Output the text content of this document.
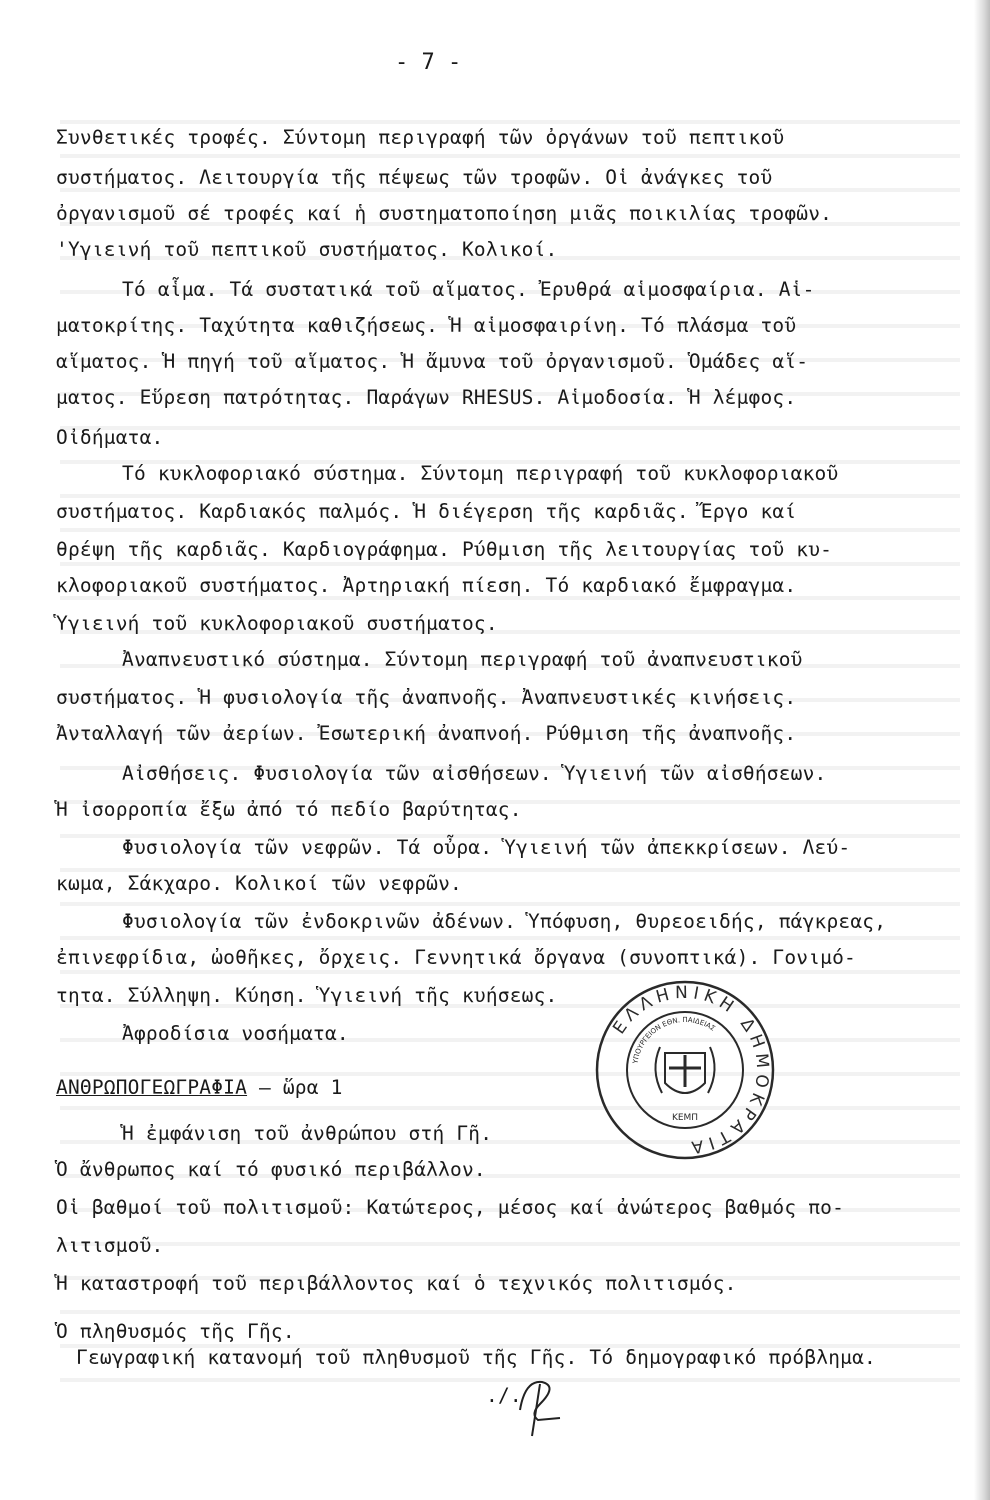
- 7 -
Συνθετικές τροφές. Σύντομη περιγραφή τῶν ὀργάνων τοῦ πεπτικοῦ
συστήματος. Λειτουργία τῆς πέψεως τῶν τροφῶν. Οἱ ἀνάγκες τοῦ
ὀργανισμοῦ σέ τροφές καί ἡ συστηματοποίηση μιᾶς ποικιλίας τροφῶν.
'Υγιεινή τοῦ πεπτικοῦ συστήματος. Κολικοί.
Τό αἷμα. Τά συστατικά τοῦ αἵματος. Ἐρυθρά αἱμοσφαίρια. Αἱ-
ματοκρίτης. Ταχύτητα καθιζήσεως. Ἡ αἱμοσφαιρίνη. Τό πλάσμα τοῦ
αἵματος. Ἡ πηγή τοῦ αἵματος. Ἡ ἄμυνα τοῦ ὀργανισμοῦ. Ὁμάδες αἵ-
ματος. Εὕρεση πατρότητας. Παράγων RHESUS. Αἱμοδοσία. Ἡ λέμφος.
Οἰδήματα.
Τό κυκλοφοριακό σύστημα. Σύντομη περιγραφή τοῦ κυκλοφοριακοῦ
συστήματος. Καρδιακός παλμός. Ἡ διέγερση τῆς καρδιᾶς. Ἔργο καί
θρέψη τῆς καρδιᾶς. Καρδιογράφημα. Ρύθμιση τῆς λειτουργίας τοῦ κυ-
κλοφοριακοῦ συστήματος. Ἀρτηριακή πίεση. Τό καρδιακό ἔμφραγμα.
Ὑγιεινή τοῦ κυκλοφοριακοῦ συστήματος.
Ἀναπνευστικό σύστημα. Σύντομη περιγραφή τοῦ ἀναπνευστικοῦ
συστήματος. Ἡ φυσιολογία τῆς ἀναπνοῆς. Ἀναπνευστικές κινήσεις.
Ἀνταλλαγή τῶν ἀερίων. Ἐσωτερική ἀναπνοή. Ρύθμιση τῆς ἀναπνοῆς.
Αἰσθήσεις. Φυσιολογία τῶν αἰσθήσεων. Ὑγιεινή τῶν αἰσθήσεων.
Ἡ ἰσορροπία ἔξω ἀπό τό πεδίο βαρύτητας.
Φυσιολογία τῶν νεφρῶν. Τά οὖρα. Ὑγιεινή τῶν ἀπεκκρίσεων. Λεύ-
κωμα, Σάκχαρο. Κολικοί τῶν νεφρῶν.
Φυσιολογία τῶν ἐνδοκρινῶν ἀδένων. Ὑπόφυση, θυρεοειδής, πάγκρεας,
ἐπινεφρίδια, ὠοθῆκες, ὄρχεις. Γεννητικά ὄργανα (συνοπτικά). Γονιμό-
τητα. Σύλληψη. Κύηση. Ὑγιεινή τῆς κυήσεως.
Ἀφροδίσια νοσήματα.
ΑΝΘΡΩΠΟΓΕΩΓΡΑΦΙΑ – ὥρα 1
Ἡ ἐμφάνιση τοῦ ἀνθρώπου στή Γῆ.
Ὁ ἄνθρωπος καί τό φυσικό περιβάλλον.
Οἱ βαθμοί τοῦ πολιτισμοῦ: Κατώτερος, μέσος καί ἀνώτερος βαθμός πο-
λιτισμοῦ.
Ἡ καταστροφή τοῦ περιβάλλοντος καί ὁ τεχνικός πολιτισμός.
Ὁ πληθυσμός τῆς Γῆς.
Γεωγραφική κατανομή τοῦ πληθυσμοῦ τῆς Γῆς. Τό δημογραφικό πρόβλημα.
./.
ΕΛΛΗΝΙΚΗ ΔΗΜΟΚΡΑΤΙΑ
ΥΠΟΥΡΓΕΙΟΝ ΕΘΝ. ΠΑΙΔΕΙΑΣ
ΚΕΜΠ
